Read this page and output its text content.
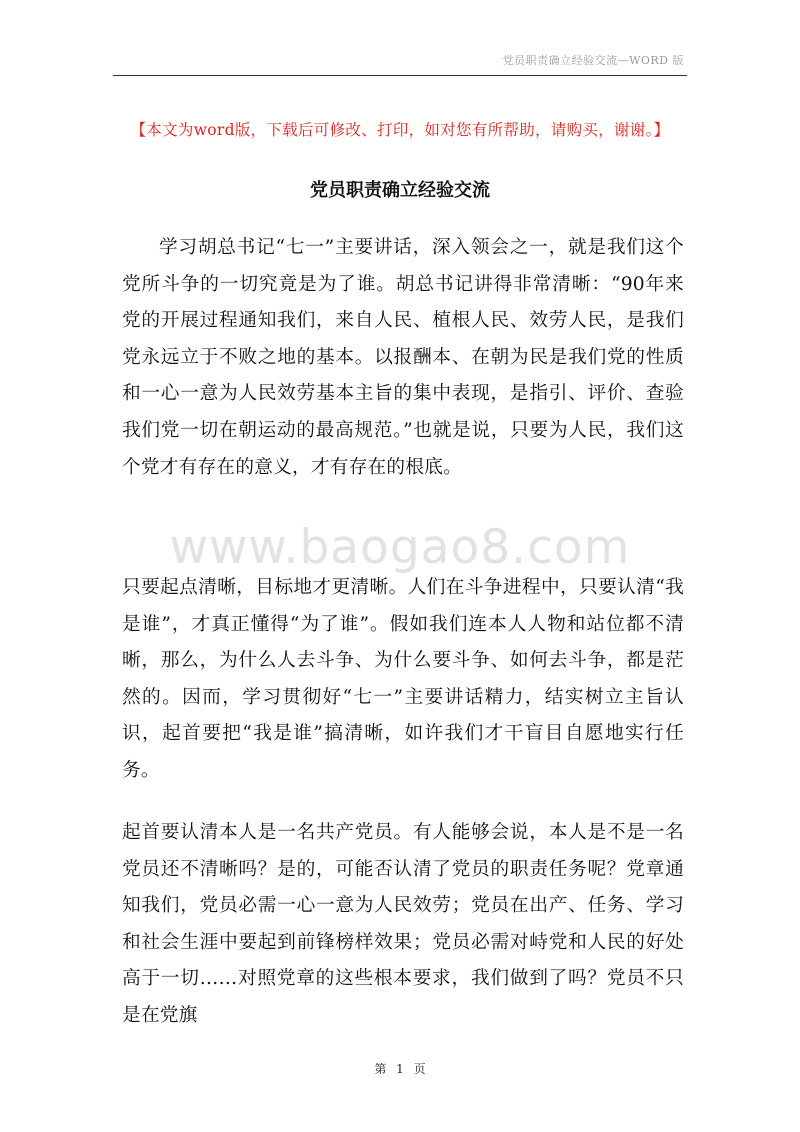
党员职责确立经验交流—WORD 版
【本文为word版，下载后可修改、打印，如对您有所帮助，请购买，谢谢。】
党员职责确立经验交流

学习胡总书记“七一”主要讲话，深入领会之一，就是我们这个党所斗争的一切究竟是为了谁。胡总书记讲得非常清晰：“90年来党的开展过程通知我们，来自人民、植根人民、效劳人民，是我们党永远立于不败之地的基本。以报酬本、在朝为民是我们党的性质和一心一意为人民效劳基本主旨的集中表现，是指引、评价、查验我们党一切在朝运动的最高规范。”也就是说，只要为人民，我们这个党才有存在的意义，才有存在的根底。

www.baogao8.com

只要起点清晰，目标地才更清晰。人们在斗争进程中，只要认清“我是谁”，才真正懂得“为了谁”。假如我们连本人人物和站位都不清晰，那么，为什么人去斗争、为什么要斗争、如何去斗争，都是茫然的。因而，学习贯彻好“七一”主要讲话精力，结实树立主旨认识，起首要把“我是谁”搞清晰，如许我们才干盲目自愿地实行任务。

起首要认清本人是一名共产党员。有人能够会说，本人是不是一名党员还不清晰吗？是的，可能否认清了党员的职责任务呢？党章通知我们，党员必需一心一意为人民效劳；党员在出产、任务、学习和社会生涯中要起到前锋榜样效果；党员必需对峙党和人民的好处高于一切……对照党章的这些根本要求，我们做到了吗？党员不只是在党旗

第 1 页
